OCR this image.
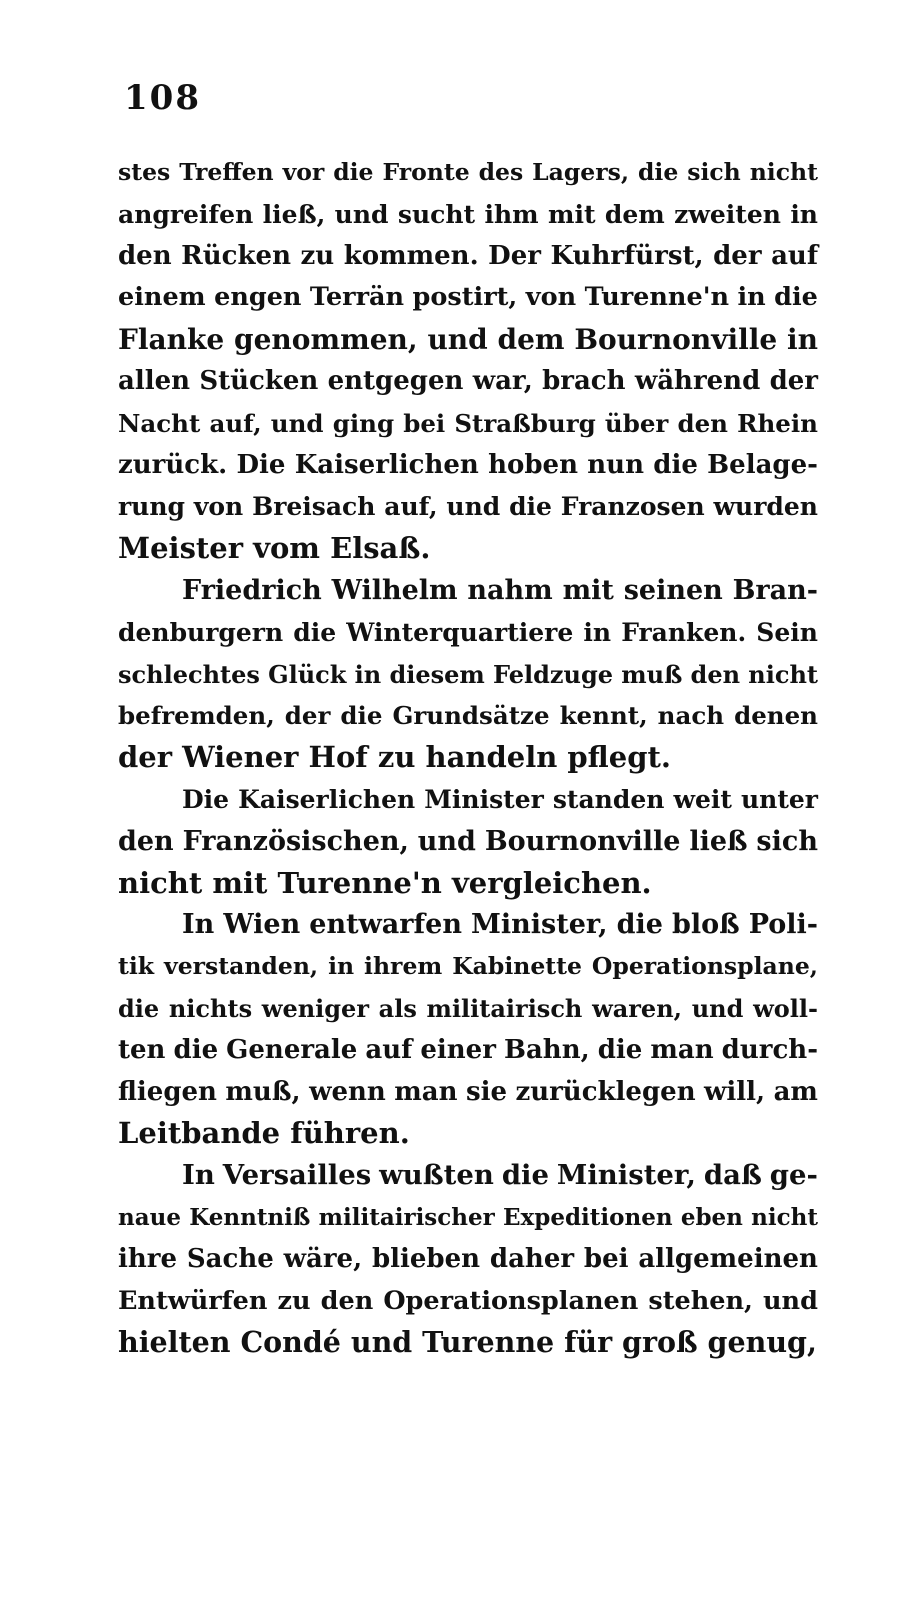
108
stes Treffen vor die Fronte des Lagers, die sich nicht
angreifen ließ, und sucht ihm mit dem zweiten in
den Rücken zu kommen. Der Kuhrfürst, der auf
einem engen Terrän postirt, von Turenne'n in die
Flanke genommen, und dem Bournonville in
allen Stücken entgegen war, brach während der
Nacht auf, und ging bei Straßburg über den Rhein
zurück. Die Kaiserlichen hoben nun die Belage-
rung von Breisach auf, und die Franzosen wurden
Meister vom Elsaß.
Friedrich Wilhelm nahm mit seinen Bran-
denburgern die Winterquartiere in Franken. Sein
schlechtes Glück in diesem Feldzuge muß den nicht
befremden, der die Grundsätze kennt, nach denen
der Wiener Hof zu handeln pflegt.
Die Kaiserlichen Minister standen weit unter
den Französischen, und Bournonville ließ sich
nicht mit Turenne'n vergleichen.
In Wien entwarfen Minister, die bloß Poli-
tik verstanden, in ihrem Kabinette Operationsplane,
die nichts weniger als militairisch waren, und woll-
ten die Generale auf einer Bahn, die man durch-
fliegen muß, wenn man sie zurücklegen will, am
Leitbande führen.
In Versailles wußten die Minister, daß ge-
naue Kenntniß militairischer Expeditionen eben nicht
ihre Sache wäre, blieben daher bei allgemeinen
Entwürfen zu den Operationsplanen stehen, und
hielten Condé und Turenne für groß genug,
